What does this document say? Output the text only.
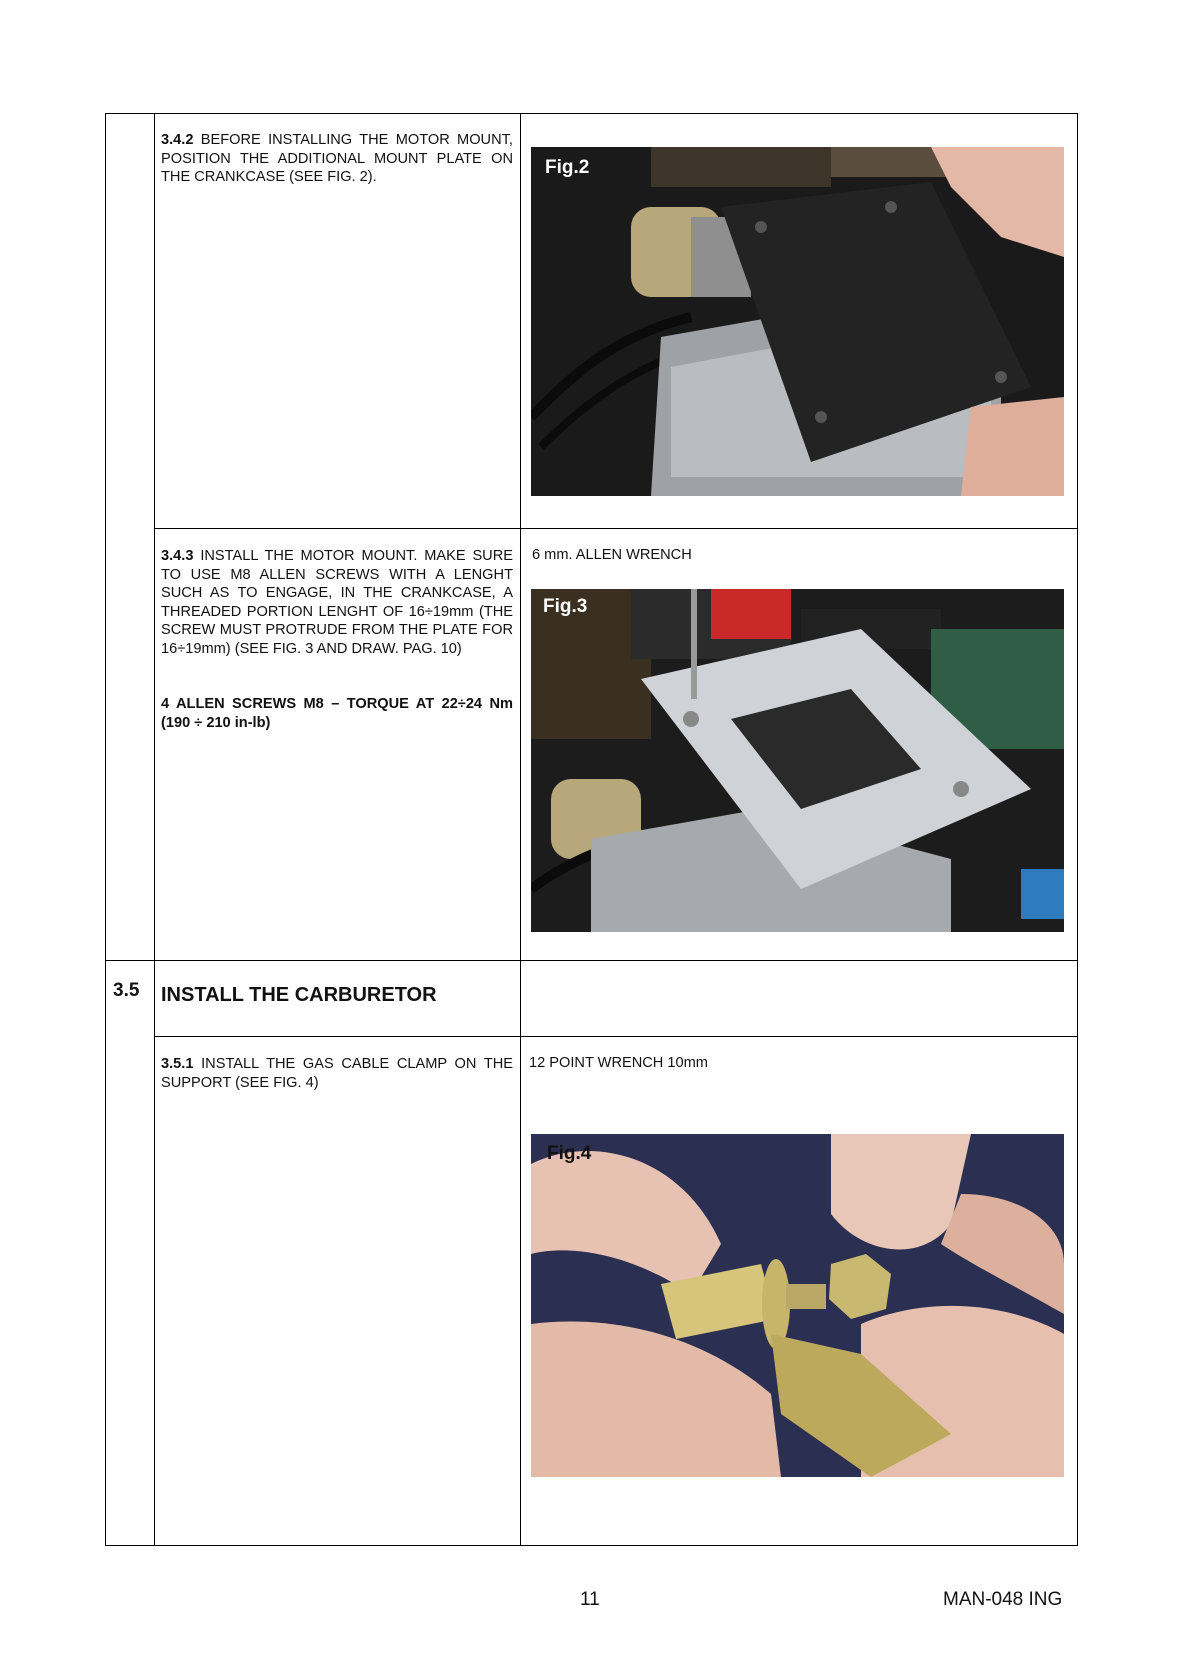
3.4.2 BEFORE INSTALLING THE MOTOR MOUNT, POSITION THE ADDITIONAL MOUNT PLATE ON THE CRANKCASE (SEE FIG. 2).	Fig.2
3.4.3 INSTALL THE MOTOR MOUNT. MAKE SURE TO USE M8 ALLEN SCREWS WITH A LENGHT SUCH AS TO ENGAGE, IN THE CRANKCASE, A THREADED PORTION LENGHT OF 16÷19mm (THE SCREW MUST PROTRUDE FROM THE PLATE FOR 16÷19mm) (SEE FIG. 3 AND DRAW. PAG. 10)
4 ALLEN SCREWS M8 – TORQUE AT 22÷24 Nm (190 ÷ 210 in-lb)
6 mm. ALLEN WRENCH
Fig.3
3.5 INSTALL THE CARBURETOR
3.5.1 INSTALL THE GAS CABLE CLAMP ON THE SUPPORT (SEE FIG. 4)
12 POINT WRENCH 10mm
Fig.4
11	MAN-048 ING
